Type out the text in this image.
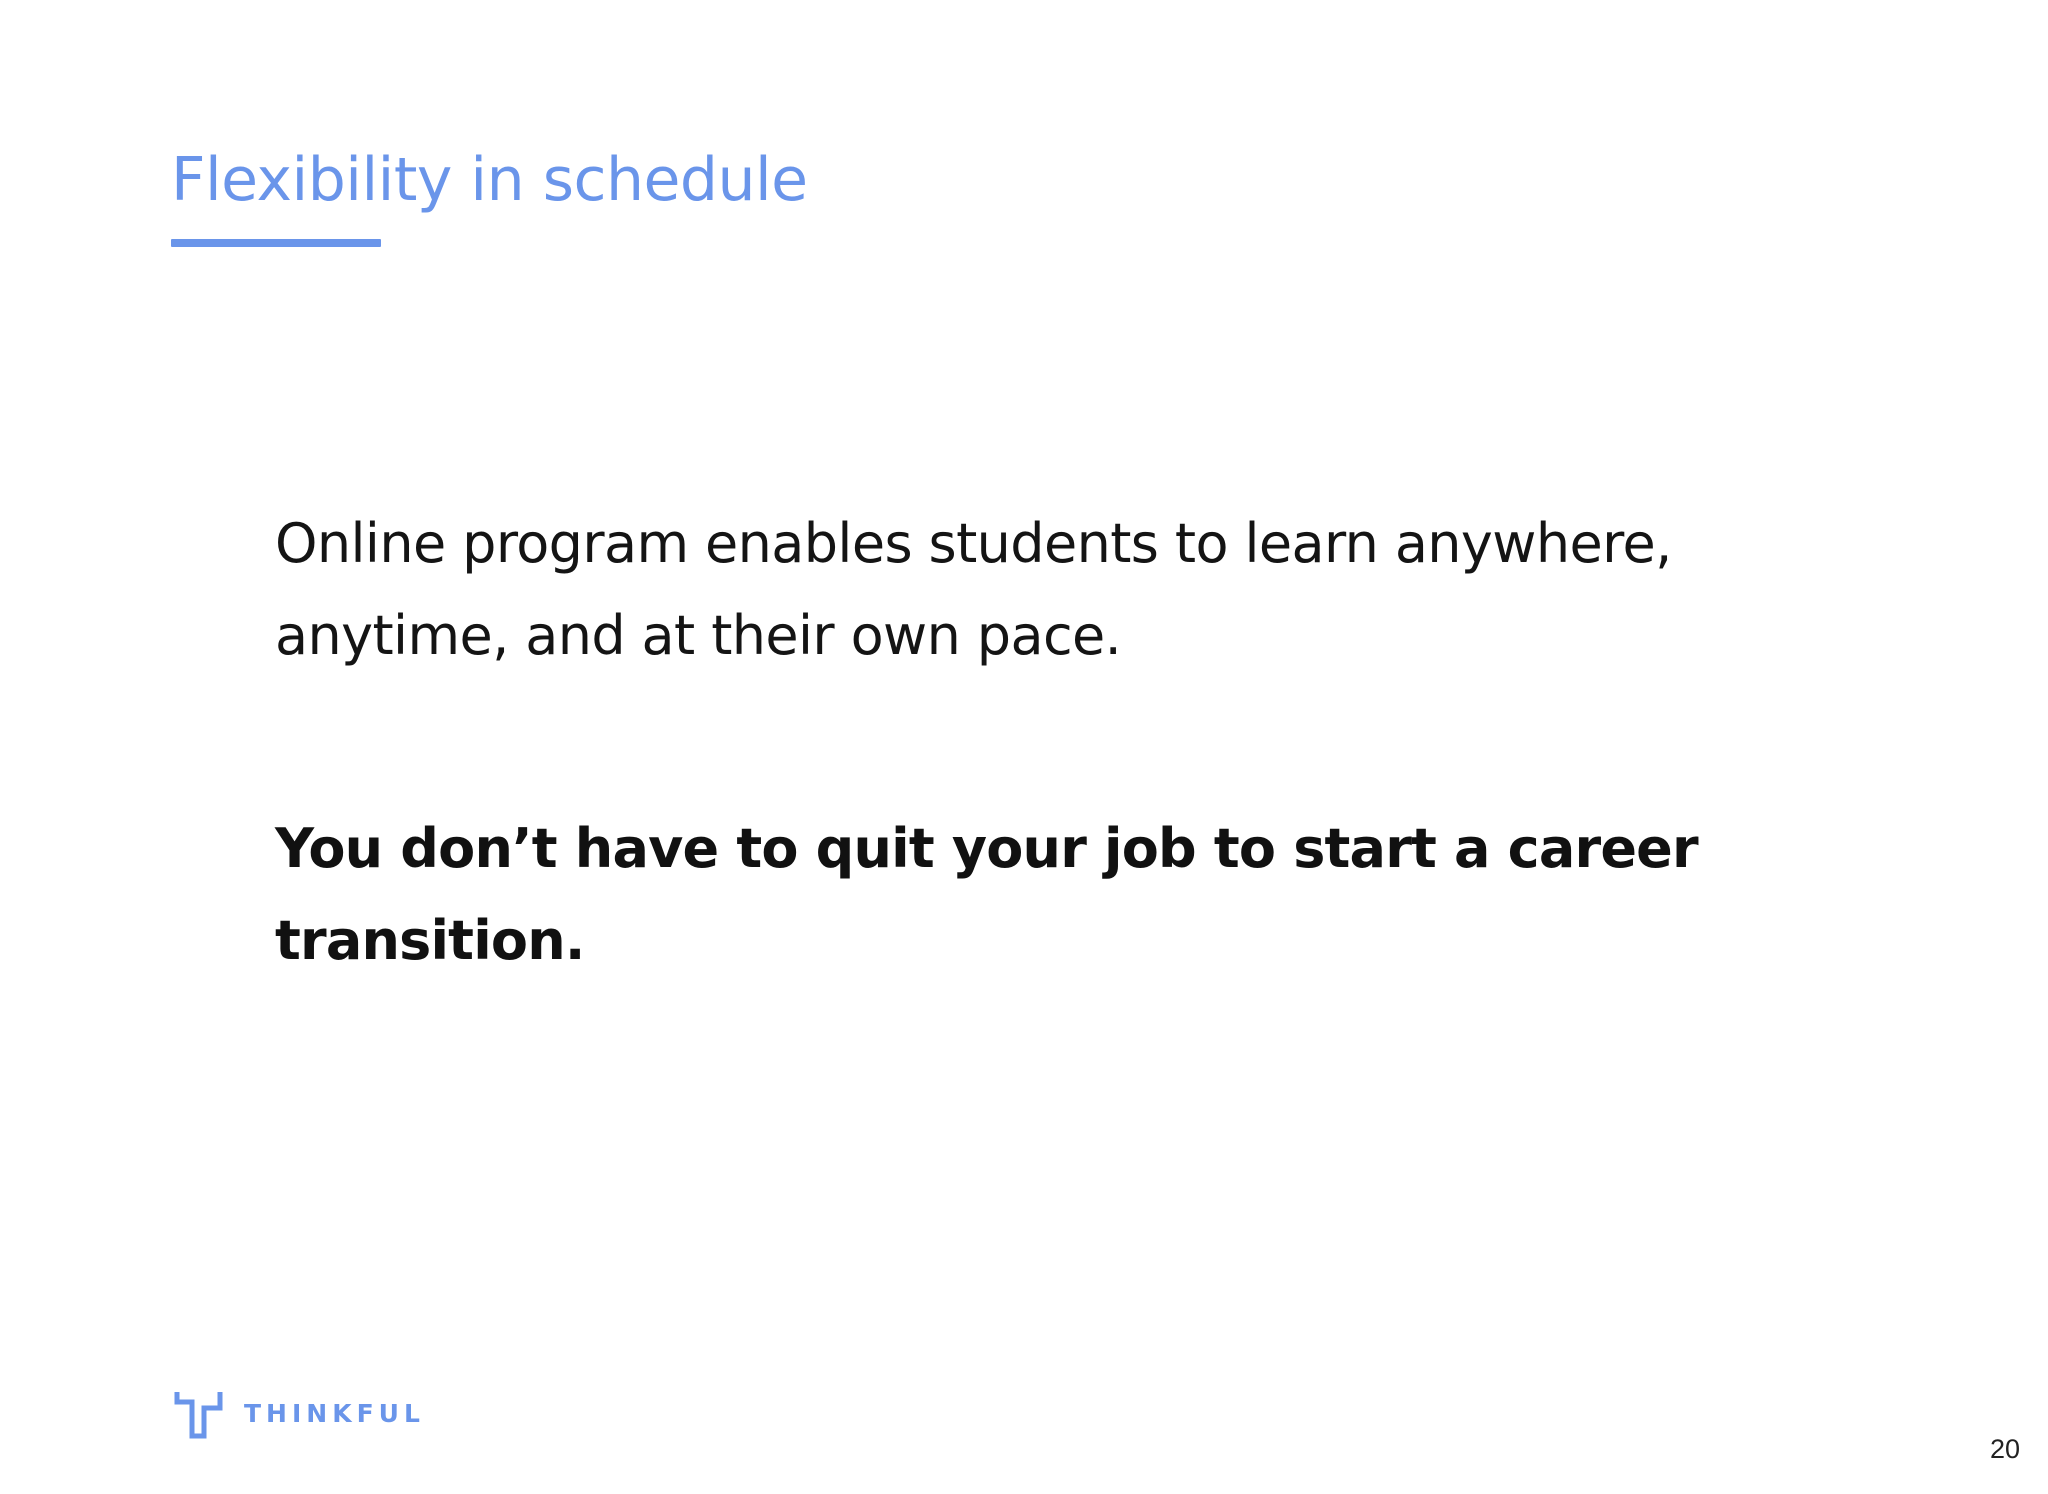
Flexibility in schedule
Online program enables students to learn anywhere, anytime, and at their own pace.
You don’t have to quit your job to start a career transition.
THINKFUL
20
